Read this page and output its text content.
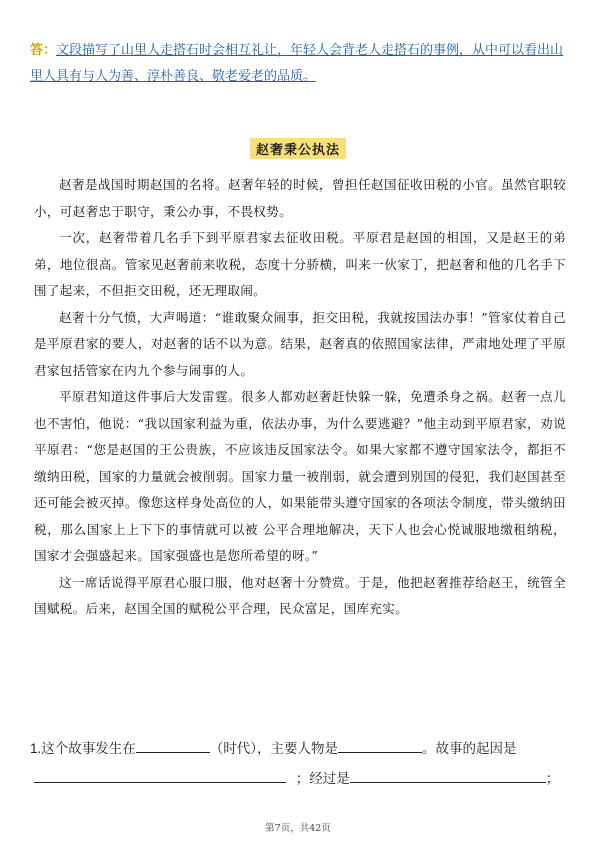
答：文段描写了山里人走搭石时会相互礼让，年轻人会背老人走搭石的事例，从中可以看出山里人具有与人为善、淳朴善良、敬老爱老的品质。
赵奢秉公执法

赵奢是战国时期赵国的名将。赵奢年轻的时候，曾担任赵国征收田税的小官。虽然官职较小，可赵奢忠于职守，秉公办事，不畏权势。

一次，赵奢带着几名手下到平原君家去征收田税。平原君是赵国的相国，又是赵王的弟弟，地位很高。管家见赵奢前来收税，态度十分骄横，叫来一伙家丁，把赵奢和他的几名手下围了起来，不但拒交田税，还无理取闹。

赵奢十分气愤，大声喝道：“谁敢聚众闹事，拒交田税，我就按国法办事！”管家仗着自己是平原君家的要人，对赵奢的话不以为意。结果，赵奢真的依照国家法律，严肃地处理了平原君家包括管家在内九个参与闹事的人。

平原君知道这件事后大发雷霆。很多人都劝赵奢赶快躲一躲，免遭杀身之祸。赵奢一点儿也不害怕，他说：“我以国家利益为重，依法办事，为什么要逃避？”他主动到平原君家，劝说平原君：“您是赵国的王公贵族，不应该违反国家法令。如果大家都不遵守国家法令，都拒不缴纳田税，国家的力量就会被削弱。国家力量一被削弱，就会遭到别国的侵犯，我们赵国甚至还可能会被灭掉。像您这样身处高位的人，如果能带头遵守国家的各项法令制度，带头缴纳田税，那么国家上上下下的事情就可以被 公平合理地解决，天下人也会心悦诚服地缴租纳税，国家才会强盛起来。国家强盛也是您所希望的呀。”

这一席话说得平原君心服口服，他对赵奢十分赞赏。于是，他把赵奢推荐给赵王，统管全国赋税。后来，赵国全国的赋税公平合理，民众富足，国库充实。

1.这个故事发生在	（时代），主要人物是	。故事的起因是
；经过是	；
第7页，共42页
